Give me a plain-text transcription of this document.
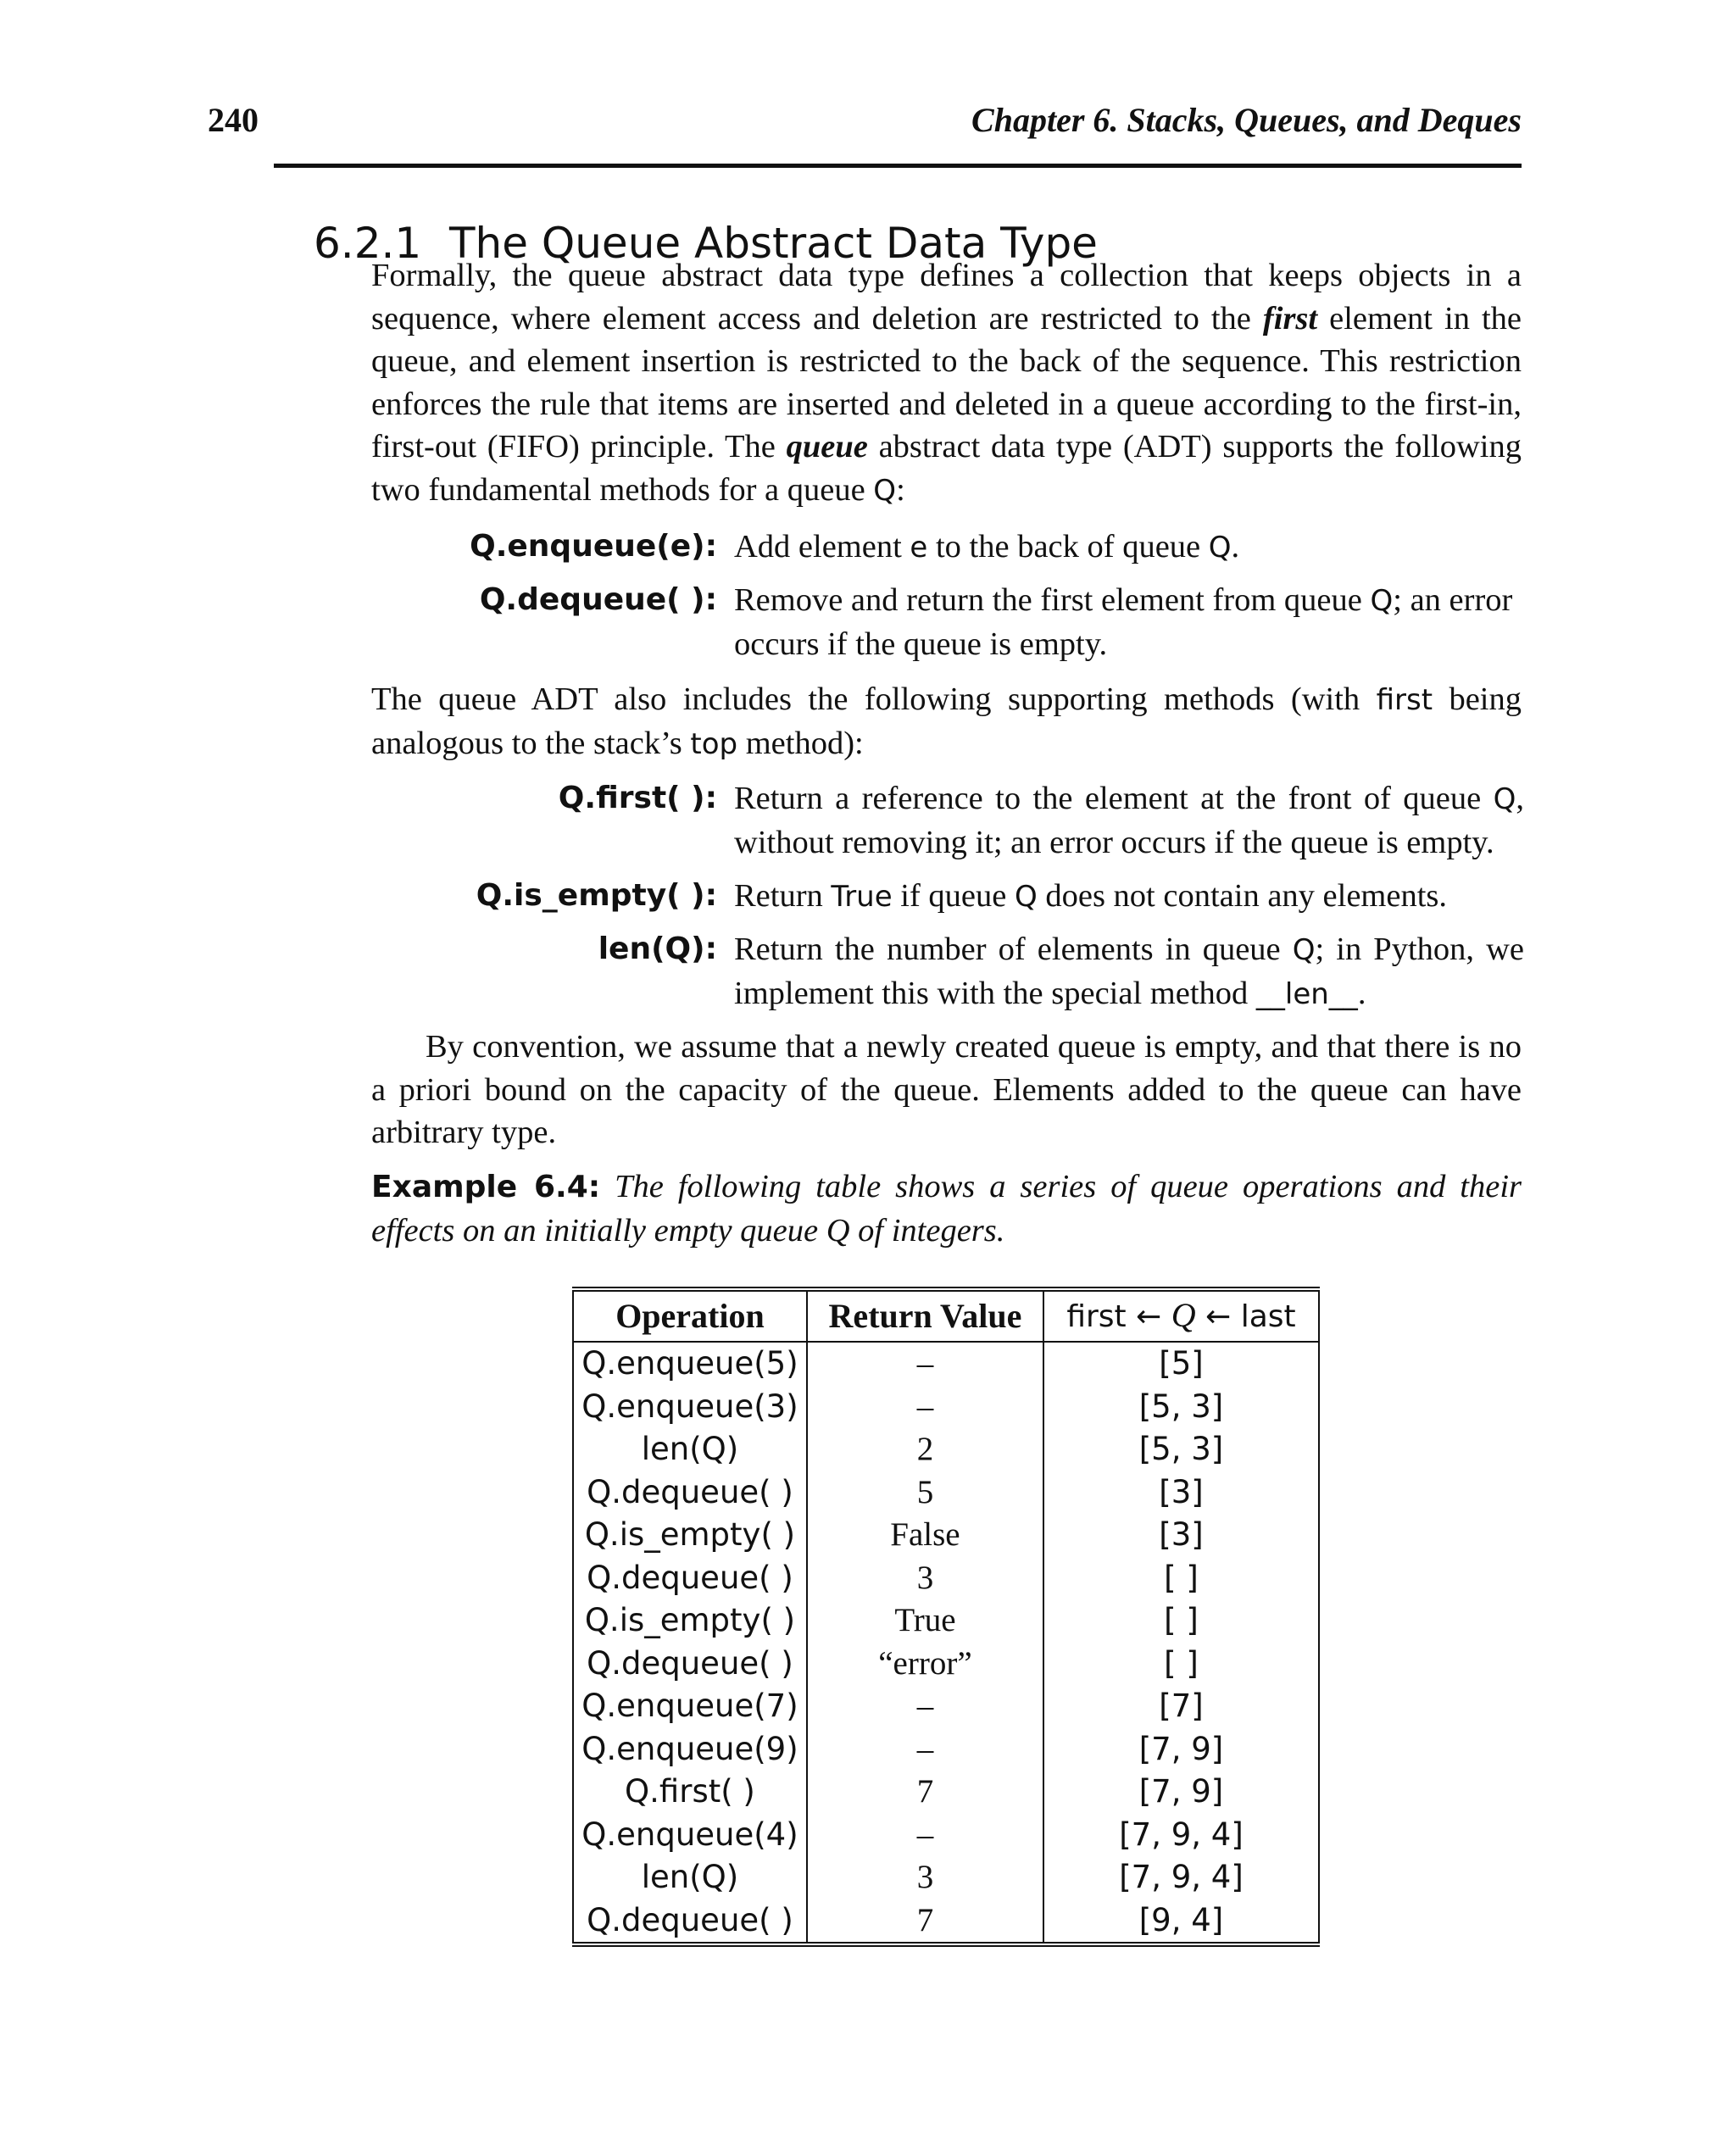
240	Chapter 6. Stacks, Queues, and Deques
6.2.1 The Queue Abstract Data Type

Formally, the queue abstract data type defines a collection that keeps objects in a sequence, where element access and deletion are restricted to the first element in the queue, and element insertion is restricted to the back of the sequence. This restriction enforces the rule that items are inserted and deleted in a queue according to the first-in, first-out (FIFO) principle. The queue abstract data type (ADT) supports the following two fundamental methods for a queue Q:

Q.enqueue(e): Add element e to the back of queue Q.
Q.dequeue( ): Remove and return the first element from queue Q; an error occurs if the queue is empty.

The queue ADT also includes the following supporting methods (with first being analogous to the stack’s top method):

Q.first( ): Return a reference to the element at the front of queue Q, without removing it; an error occurs if the queue is empty.
Q.is_empty( ): Return True if queue Q does not contain any elements.
len(Q): Return the number of elements in queue Q; in Python, we implement this with the special method __len__.

By convention, we assume that a newly created queue is empty, and that there is no a priori bound on the capacity of the queue. Elements added to the queue can have arbitrary type.

Example 6.4: The following table shows a series of queue operations and their effects on an initially empty queue Q of integers.

Operation	Return Value	first ← Q ← last
Q.enqueue(5)	–	[5]
Q.enqueue(3)	–	[5, 3]
len(Q)	2	[5, 3]
Q.dequeue( )	5	[3]
Q.is_empty( )	False	[3]
Q.dequeue( )	3	[ ]
Q.is_empty( )	True	[ ]
Q.dequeue( )	“error”	[ ]
Q.enqueue(7)	–	[7]
Q.enqueue(9)	–	[7, 9]
Q.first( )	7	[7, 9]
Q.enqueue(4)	–	[7, 9, 4]
len(Q)	3	[7, 9, 4]
Q.dequeue( )	7	[9, 4]
